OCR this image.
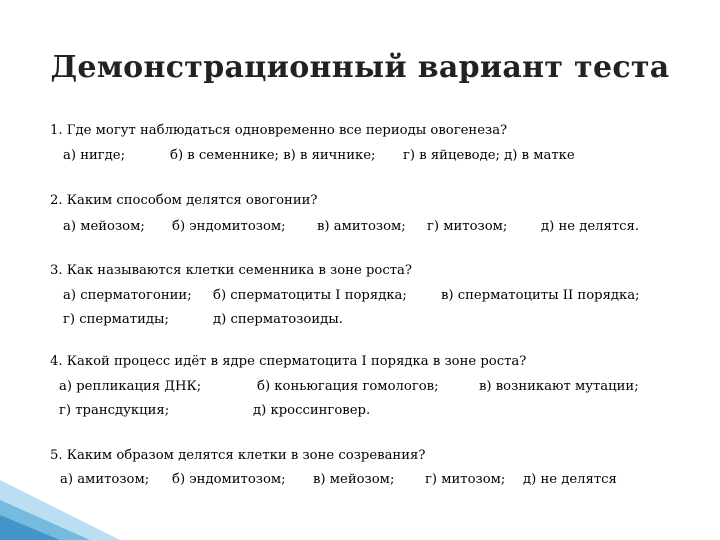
Демонстрационный вариант теста
1. Где могут наблюдаться одновременно все периоды овогенеза?
а) нигде;	б) в семеннике; в) в яичнике; г) в яйцеводе; д) в матке
2. Каким способом делятся овогонии?
а) мейозом; б) эндомитозом; в) амитозом; г) митозом;	д) не делятся.
3. Как называются клетки семенника в зоне роста?
а) сперматогонии; б) сперматоциты I порядка;	в) сперматоциты II порядка;
г) сперматиды;	д) сперматозоиды.
4. Какой процесс идёт в ядре сперматоцита I порядка в зоне роста?
а) репликация ДНК;	б) коньюгация гомологов;	в) возникают мутации;
г) трансдукция;	д) кроссинговер.
5. Каким образом делятся клетки в зоне созревания?
а) амитозом; б) эндомитозом; в) мейозом; г) митозом; д) не делятся
